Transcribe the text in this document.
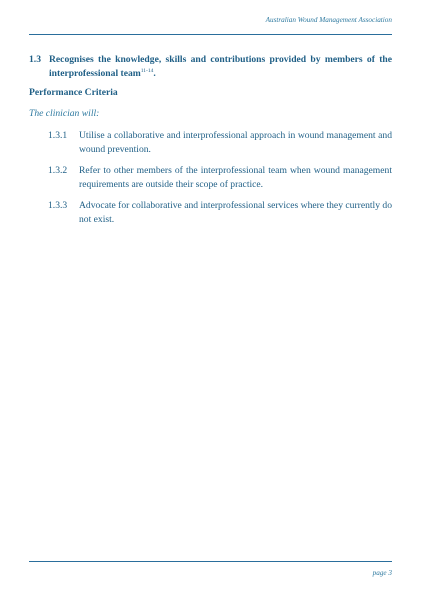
Australian Wound Management Association
1.3 Recognises the knowledge, skills and contributions provided by members of the interprofessional team$^{11-14}$.
Performance Criteria
The clinician will:
1.3.1	Utilise a collaborative and interprofessional approach in wound management and wound prevention.
1.3.2	Refer to other members of the interprofessional team when wound management requirements are outside their scope of practice.
1.3.3	Advocate for collaborative and interprofessional services where they currently do not exist.
page 3
